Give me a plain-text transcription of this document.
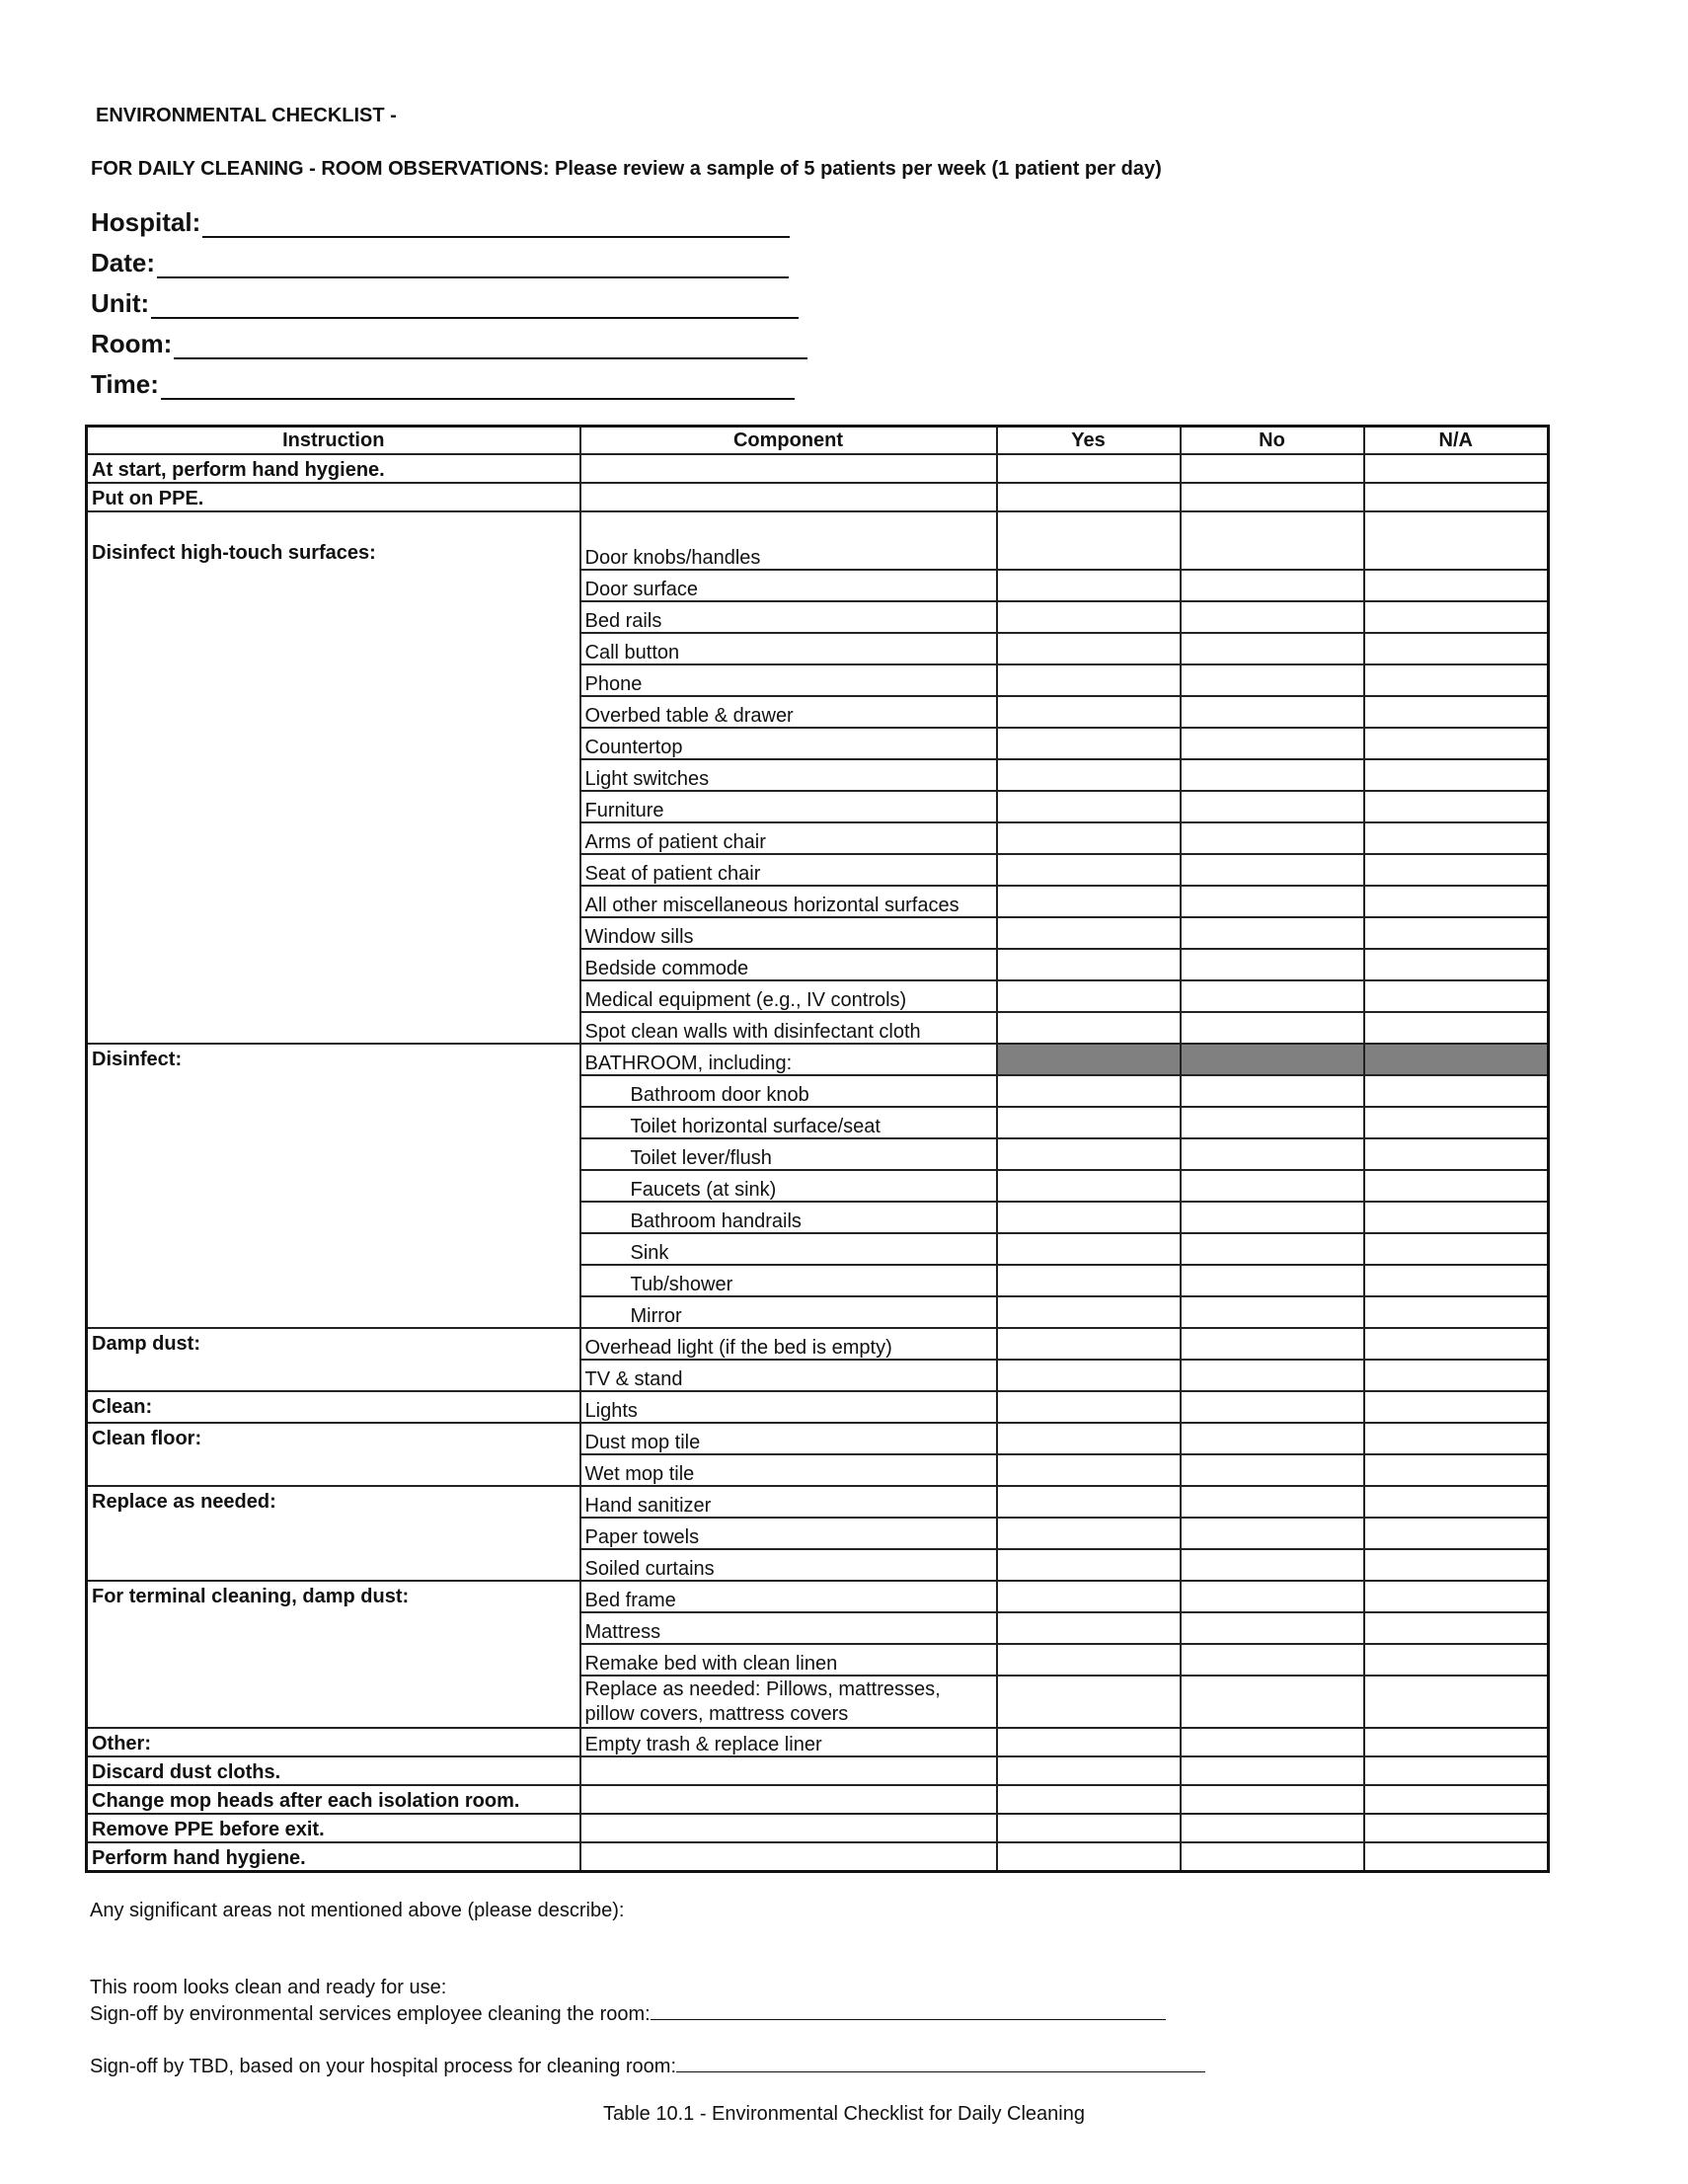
ENVIRONMENTAL CHECKLIST -
FOR DAILY CLEANING - ROOM OBSERVATIONS: Please review a sample of 5 patients per week (1 patient per day)
Hospital:
Date:
Unit:
Room:
Time:
Instruction	Component	Yes	No	N/A
At start, perform hand hygiene.				
Put on PPE.				
Disinfect high-touch surfaces:	Door knobs/handles			
	Door surface			
	Bed rails			
	Call button			
	Phone			
	Overbed table & drawer			
	Countertop			
	Light switches			
	Furniture			
	Arms of patient chair			
	Seat of patient chair			
	All other miscellaneous horizontal surfaces			
	Window sills			
	Bedside commode			
	Medical equipment (e.g., IV controls)			
	Spot clean walls with disinfectant cloth			
Disinfect:	BATHROOM, including:			
	Bathroom door knob			
	Toilet horizontal surface/seat			
	Toilet lever/flush			
	Faucets (at sink)			
	Bathroom handrails			
	Sink			
	Tub/shower			
	Mirror			
Damp dust:	Overhead light (if the bed is empty)			
	TV & stand			
Clean:	Lights			
Clean floor:	Dust mop tile			
	Wet mop tile			
Replace as needed:	Hand sanitizer			
	Paper towels			
	Soiled curtains			
For terminal cleaning, damp dust:	Bed frame			
	Mattress			
	Remake bed with clean linen			
	Replace as needed: Pillows, mattresses, pillow covers, mattress covers			
Other:	Empty trash & replace liner			
Discard dust cloths.				
Change mop heads after each isolation room.				
Remove PPE before exit.				
Perform hand hygiene.				
Any significant areas not mentioned above (please describe):
This room looks clean and ready for use:
Sign-off by environmental services employee cleaning the room:
Sign-off by TBD, based on your hospital process for cleaning room:
Table 10.1 - Environmental Checklist for Daily Cleaning
